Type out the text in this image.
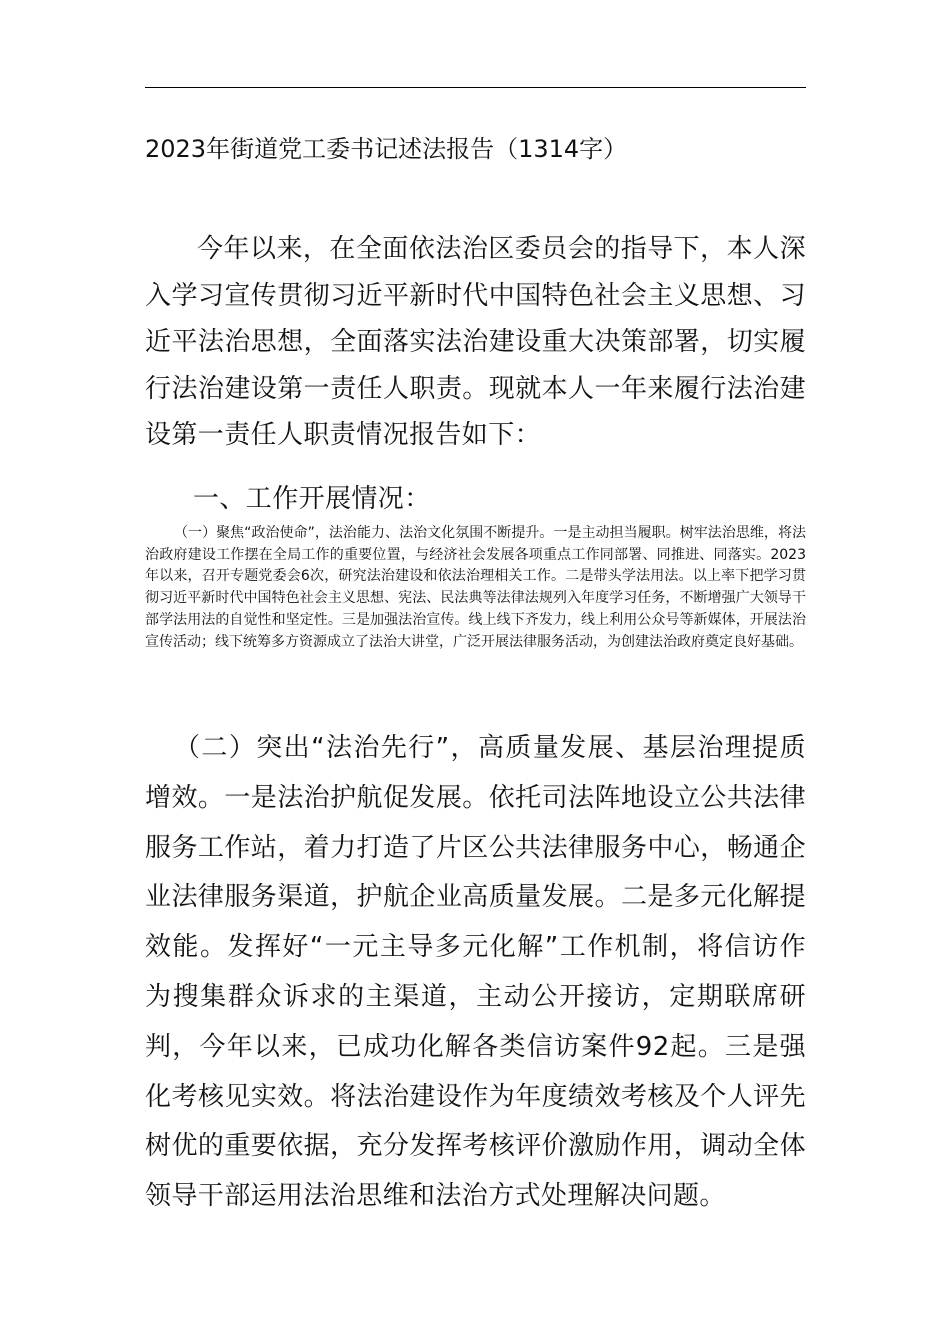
2023年街道党工委书记述法报告（1314字）

今年以来，在全面依法治区委员会的指导下，本人深入学习宣传贯彻习近平新时代中国特色社会主义思想、习近平法治思想，全面落实法治建设重大决策部署，切实履行法治建设第一责任人职责。现就本人一年来履行法治建设第一责任人职责情况报告如下：

一、工作开展情况：

（一）聚焦“政治使命”，法治能力、法治文化氛围不断提升。一是主动担当履职。树牢法治思维，将法治政府建设工作摆在全局工作的重要位置，与经济社会发展各项重点工作同部署、同推进、同落实。2023年以来，召开专题党委会6次，研究法治建设和依法治理相关工作。二是带头学法用法。以上率下把学习贯彻习近平新时代中国特色社会主义思想、宪法、民法典等法律法规列入年度学习任务，不断增强广大领导干部学法用法的自觉性和坚定性。三是加强法治宣传。线上线下齐发力，线上利用公众号等新媒体，开展法治宣传活动；线下统筹多方资源成立了法治大讲堂，广泛开展法律服务活动，为创建法治政府奠定良好基础。

（二）突出“法治先行”，高质量发展、基层治理提质增效。一是法治护航促发展。依托司法阵地设立公共法律服务工作站，着力打造了片区公共法律服务中心，畅通企业法律服务渠道，护航企业高质量发展。二是多元化解提效能。发挥好“一元主导多元化解”工作机制，将信访作为搜集群众诉求的主渠道，主动公开接访，定期联席研判，今年以来，已成功化解各类信访案件92起。三是强化考核见实效。将法治建设作为年度绩效考核及个人评先树优的重要依据，充分发挥考核评价激励作用，调动全体领导干部运用法治思维和法治方式处理解决问题。
